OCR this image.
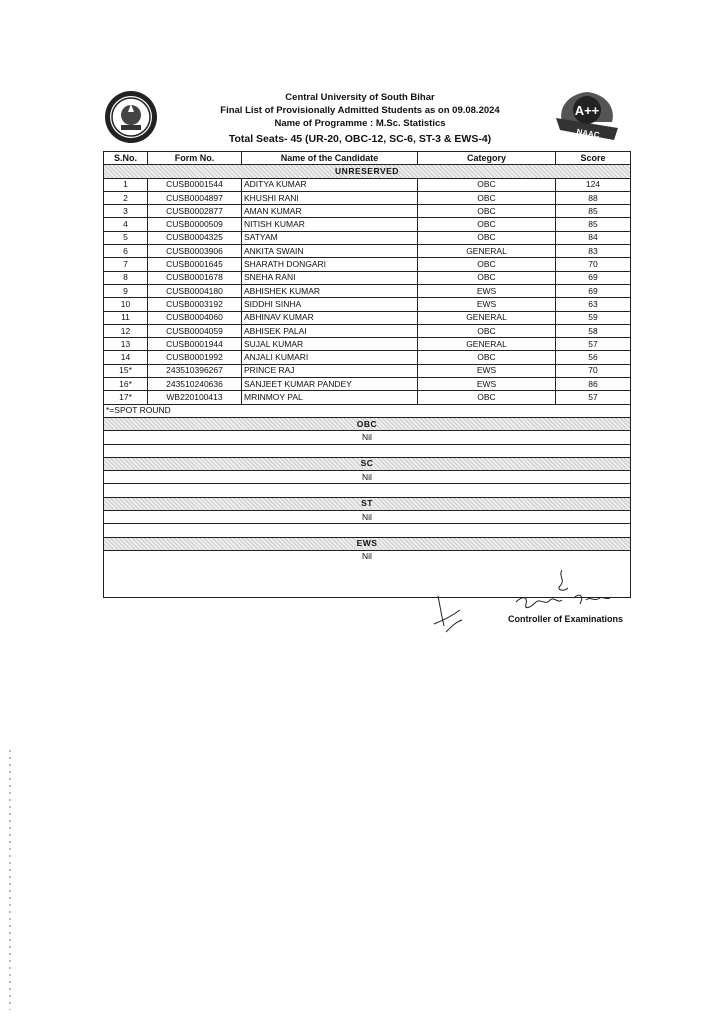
A++
NAAC
Central University of South Bihar
Final List of Provisionally Admitted Students as on 09.08.2024
Name of Programme : M.Sc. Statistics
Total Seats- 45 (UR-20, OBC-12, SC-6, ST-3 & EWS-4)
S.No.	Form No.	Name of the Candidate	Category	Score
UNRESERVED				
1	CUSB0001544	ADITYA KUMAR	OBC	124
2	CUSB0004897	KHUSHI RANI	OBC	88
3	CUSB0002877	AMAN KUMAR	OBC	85
4	CUSB0000509	NITISH KUMAR	OBC	85
5	CUSB0004325	SATYAM	OBC	84
6	CUSB0003906	ANKITA SWAIN	GENERAL	83
7	CUSB0001645	SHARATH DONGARI	OBC	70
8	CUSB0001678	SNEHA RANI	OBC	69
9	CUSB0004180	ABHISHEK KUMAR	EWS	69
10	CUSB0003192	SIDDHI SINHA	EWS	63
11	CUSB0004060	ABHINAV KUMAR	GENERAL	59
12	CUSB0004059	ABHISEK PALAI	OBC	58
13	CUSB0001944	SUJAL KUMAR	GENERAL	57
14	CUSB0001992	ANJALI KUMARI	OBC	56
15*	243510396267	PRINCE RAJ	EWS	70
16*	243510240636	SANJEET KUMAR PANDEY	EWS	86
17*	WB220100413	MRINMOY PAL	OBC	57
*=SPOT ROUND				
OBC				
Nil				

SC				
Nil				

ST				
Nil				

EWS				
Nil				
Controller of Examinations
